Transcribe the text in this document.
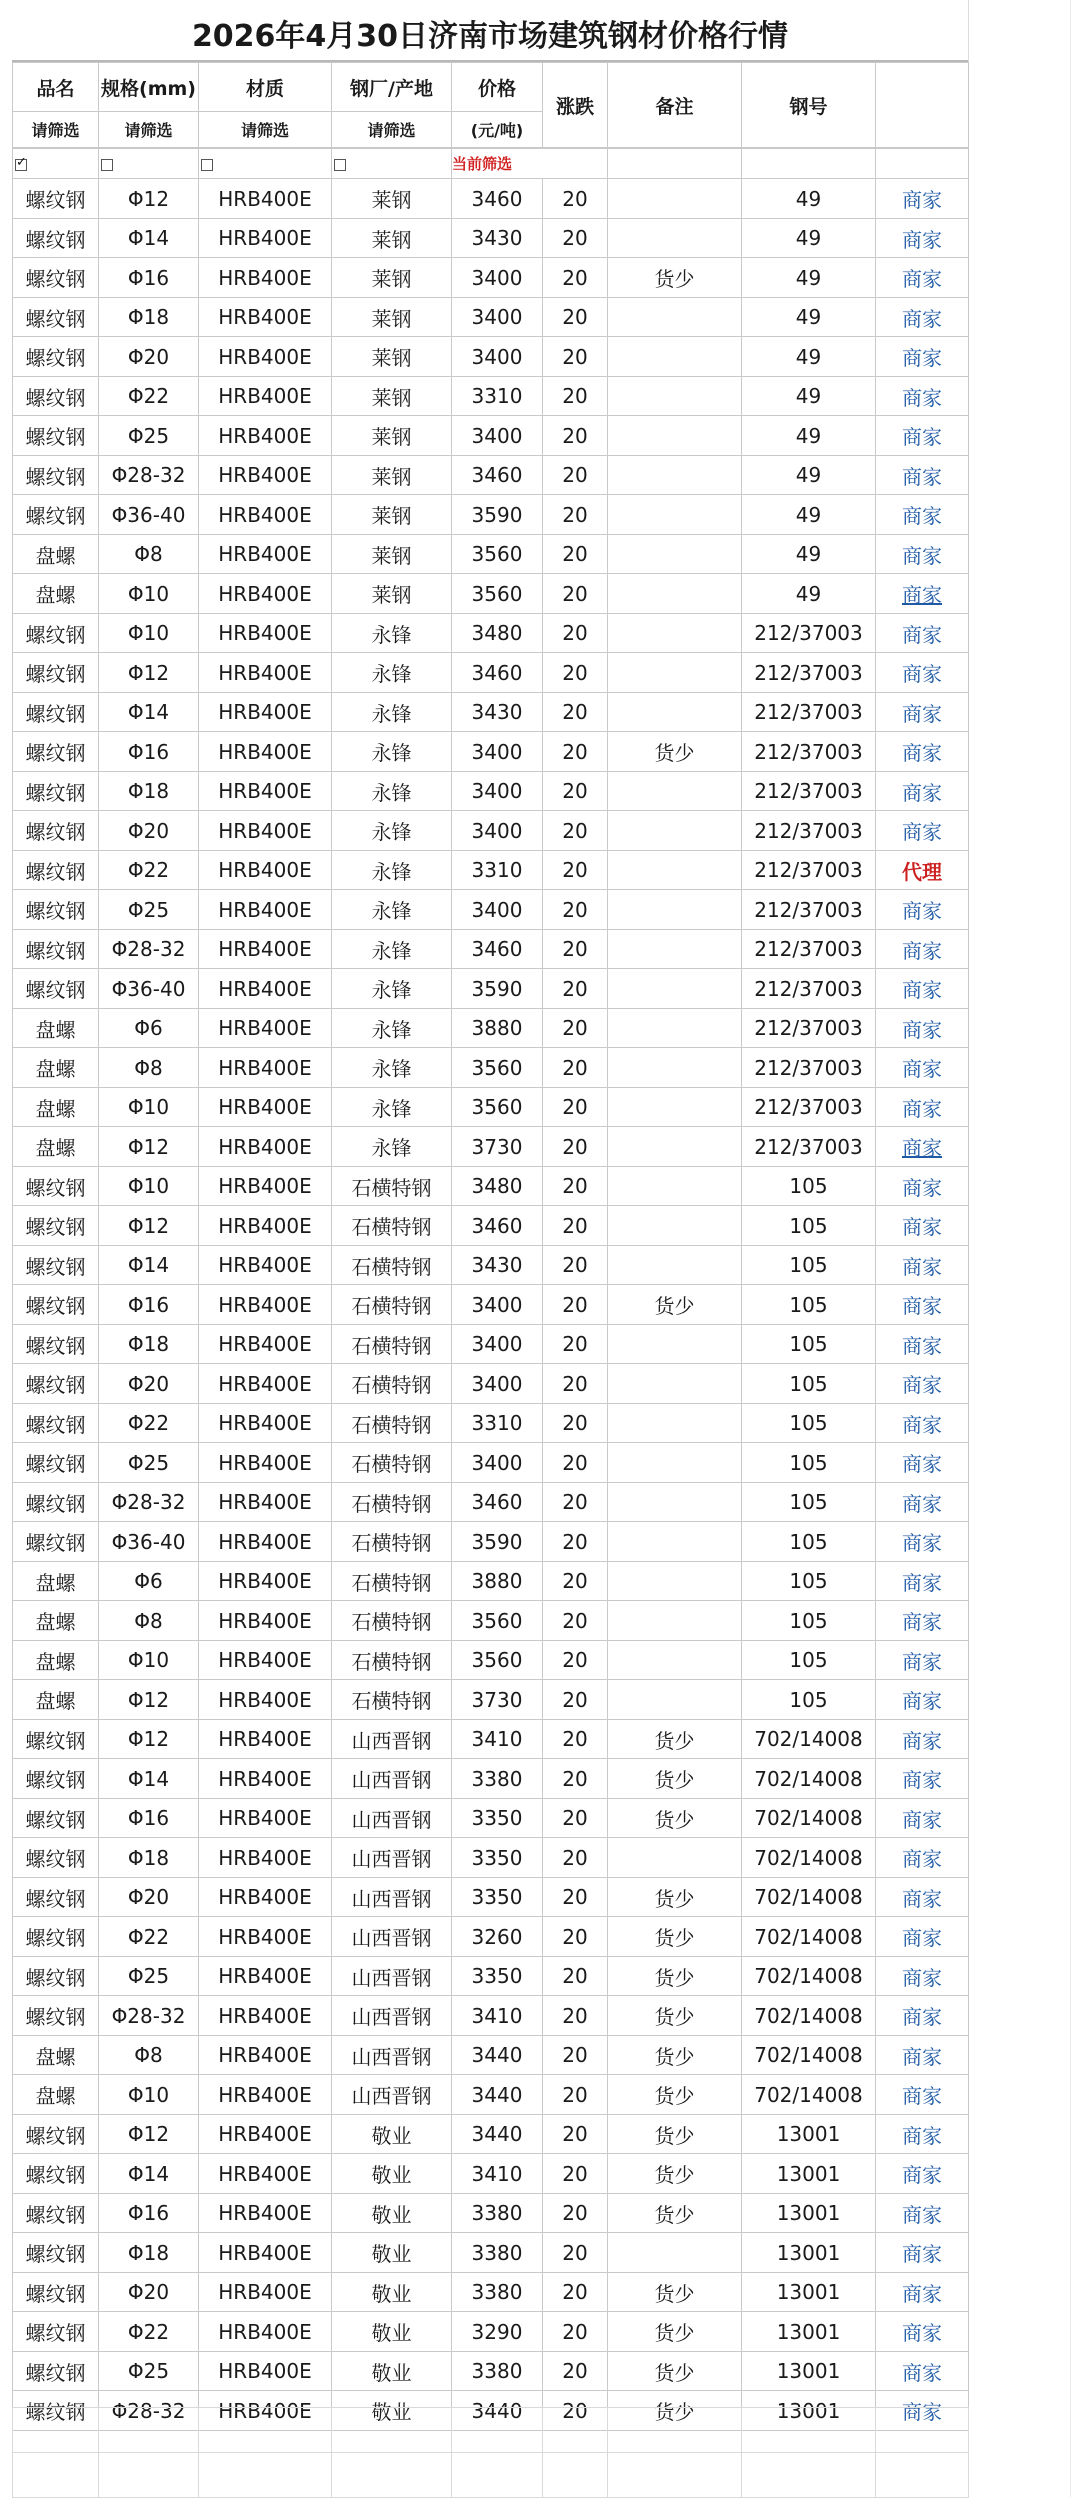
2026年4月30日济南市场建筑钢材价格行情
品名	规格(mm)	材质	钢厂/产地	价格	涨跌	备注	钢号	
请筛选	请筛选	请筛选	请筛选	(元/吨)				
✓				当前筛选			
螺纹钢	Φ12	HRB400E	莱钢	3460	20		49	商家
螺纹钢	Φ14	HRB400E	莱钢	3430	20		49	商家
螺纹钢	Φ16	HRB400E	莱钢	3400	20	货少	49	商家
螺纹钢	Φ18	HRB400E	莱钢	3400	20		49	商家
螺纹钢	Φ20	HRB400E	莱钢	3400	20		49	商家
螺纹钢	Φ22	HRB400E	莱钢	3310	20		49	商家
螺纹钢	Φ25	HRB400E	莱钢	3400	20		49	商家
螺纹钢	Φ28-32	HRB400E	莱钢	3460	20		49	商家
螺纹钢	Φ36-40	HRB400E	莱钢	3590	20		49	商家
盘螺	Φ8	HRB400E	莱钢	3560	20		49	商家
盘螺	Φ10	HRB400E	莱钢	3560	20		49	商家
螺纹钢	Φ10	HRB400E	永锋	3480	20		212/37003	商家
螺纹钢	Φ12	HRB400E	永锋	3460	20		212/37003	商家
螺纹钢	Φ14	HRB400E	永锋	3430	20		212/37003	商家
螺纹钢	Φ16	HRB400E	永锋	3400	20	货少	212/37003	商家
螺纹钢	Φ18	HRB400E	永锋	3400	20		212/37003	商家
螺纹钢	Φ20	HRB400E	永锋	3400	20		212/37003	商家
螺纹钢	Φ22	HRB400E	永锋	3310	20		212/37003	代理
螺纹钢	Φ25	HRB400E	永锋	3400	20		212/37003	商家
螺纹钢	Φ28-32	HRB400E	永锋	3460	20		212/37003	商家
螺纹钢	Φ36-40	HRB400E	永锋	3590	20		212/37003	商家
盘螺	Φ6	HRB400E	永锋	3880	20		212/37003	商家
盘螺	Φ8	HRB400E	永锋	3560	20		212/37003	商家
盘螺	Φ10	HRB400E	永锋	3560	20		212/37003	商家
盘螺	Φ12	HRB400E	永锋	3730	20		212/37003	商家
螺纹钢	Φ10	HRB400E	石横特钢	3480	20		105	商家
螺纹钢	Φ12	HRB400E	石横特钢	3460	20		105	商家
螺纹钢	Φ14	HRB400E	石横特钢	3430	20		105	商家
螺纹钢	Φ16	HRB400E	石横特钢	3400	20	货少	105	商家
螺纹钢	Φ18	HRB400E	石横特钢	3400	20		105	商家
螺纹钢	Φ20	HRB400E	石横特钢	3400	20		105	商家
螺纹钢	Φ22	HRB400E	石横特钢	3310	20		105	商家
螺纹钢	Φ25	HRB400E	石横特钢	3400	20		105	商家
螺纹钢	Φ28-32	HRB400E	石横特钢	3460	20		105	商家
螺纹钢	Φ36-40	HRB400E	石横特钢	3590	20		105	商家
盘螺	Φ6	HRB400E	石横特钢	3880	20		105	商家
盘螺	Φ8	HRB400E	石横特钢	3560	20		105	商家
盘螺	Φ10	HRB400E	石横特钢	3560	20		105	商家
盘螺	Φ12	HRB400E	石横特钢	3730	20		105	商家
螺纹钢	Φ12	HRB400E	山西晋钢	3410	20	货少	702/14008	商家
螺纹钢	Φ14	HRB400E	山西晋钢	3380	20	货少	702/14008	商家
螺纹钢	Φ16	HRB400E	山西晋钢	3350	20	货少	702/14008	商家
螺纹钢	Φ18	HRB400E	山西晋钢	3350	20		702/14008	商家
螺纹钢	Φ20	HRB400E	山西晋钢	3350	20	货少	702/14008	商家
螺纹钢	Φ22	HRB400E	山西晋钢	3260	20	货少	702/14008	商家
螺纹钢	Φ25	HRB400E	山西晋钢	3350	20	货少	702/14008	商家
螺纹钢	Φ28-32	HRB400E	山西晋钢	3410	20	货少	702/14008	商家
盘螺	Φ8	HRB400E	山西晋钢	3440	20	货少	702/14008	商家
盘螺	Φ10	HRB400E	山西晋钢	3440	20	货少	702/14008	商家
螺纹钢	Φ12	HRB400E	敬业	3440	20	货少	13001	商家
螺纹钢	Φ14	HRB400E	敬业	3410	20	货少	13001	商家
螺纹钢	Φ16	HRB400E	敬业	3380	20	货少	13001	商家
螺纹钢	Φ18	HRB400E	敬业	3380	20		13001	商家
螺纹钢	Φ20	HRB400E	敬业	3380	20	货少	13001	商家
螺纹钢	Φ22	HRB400E	敬业	3290	20	货少	13001	商家
螺纹钢	Φ25	HRB400E	敬业	3380	20	货少	13001	商家
螺纹钢	Φ28-32	HRB400E	敬业	3440	20	货少	13001	商家
